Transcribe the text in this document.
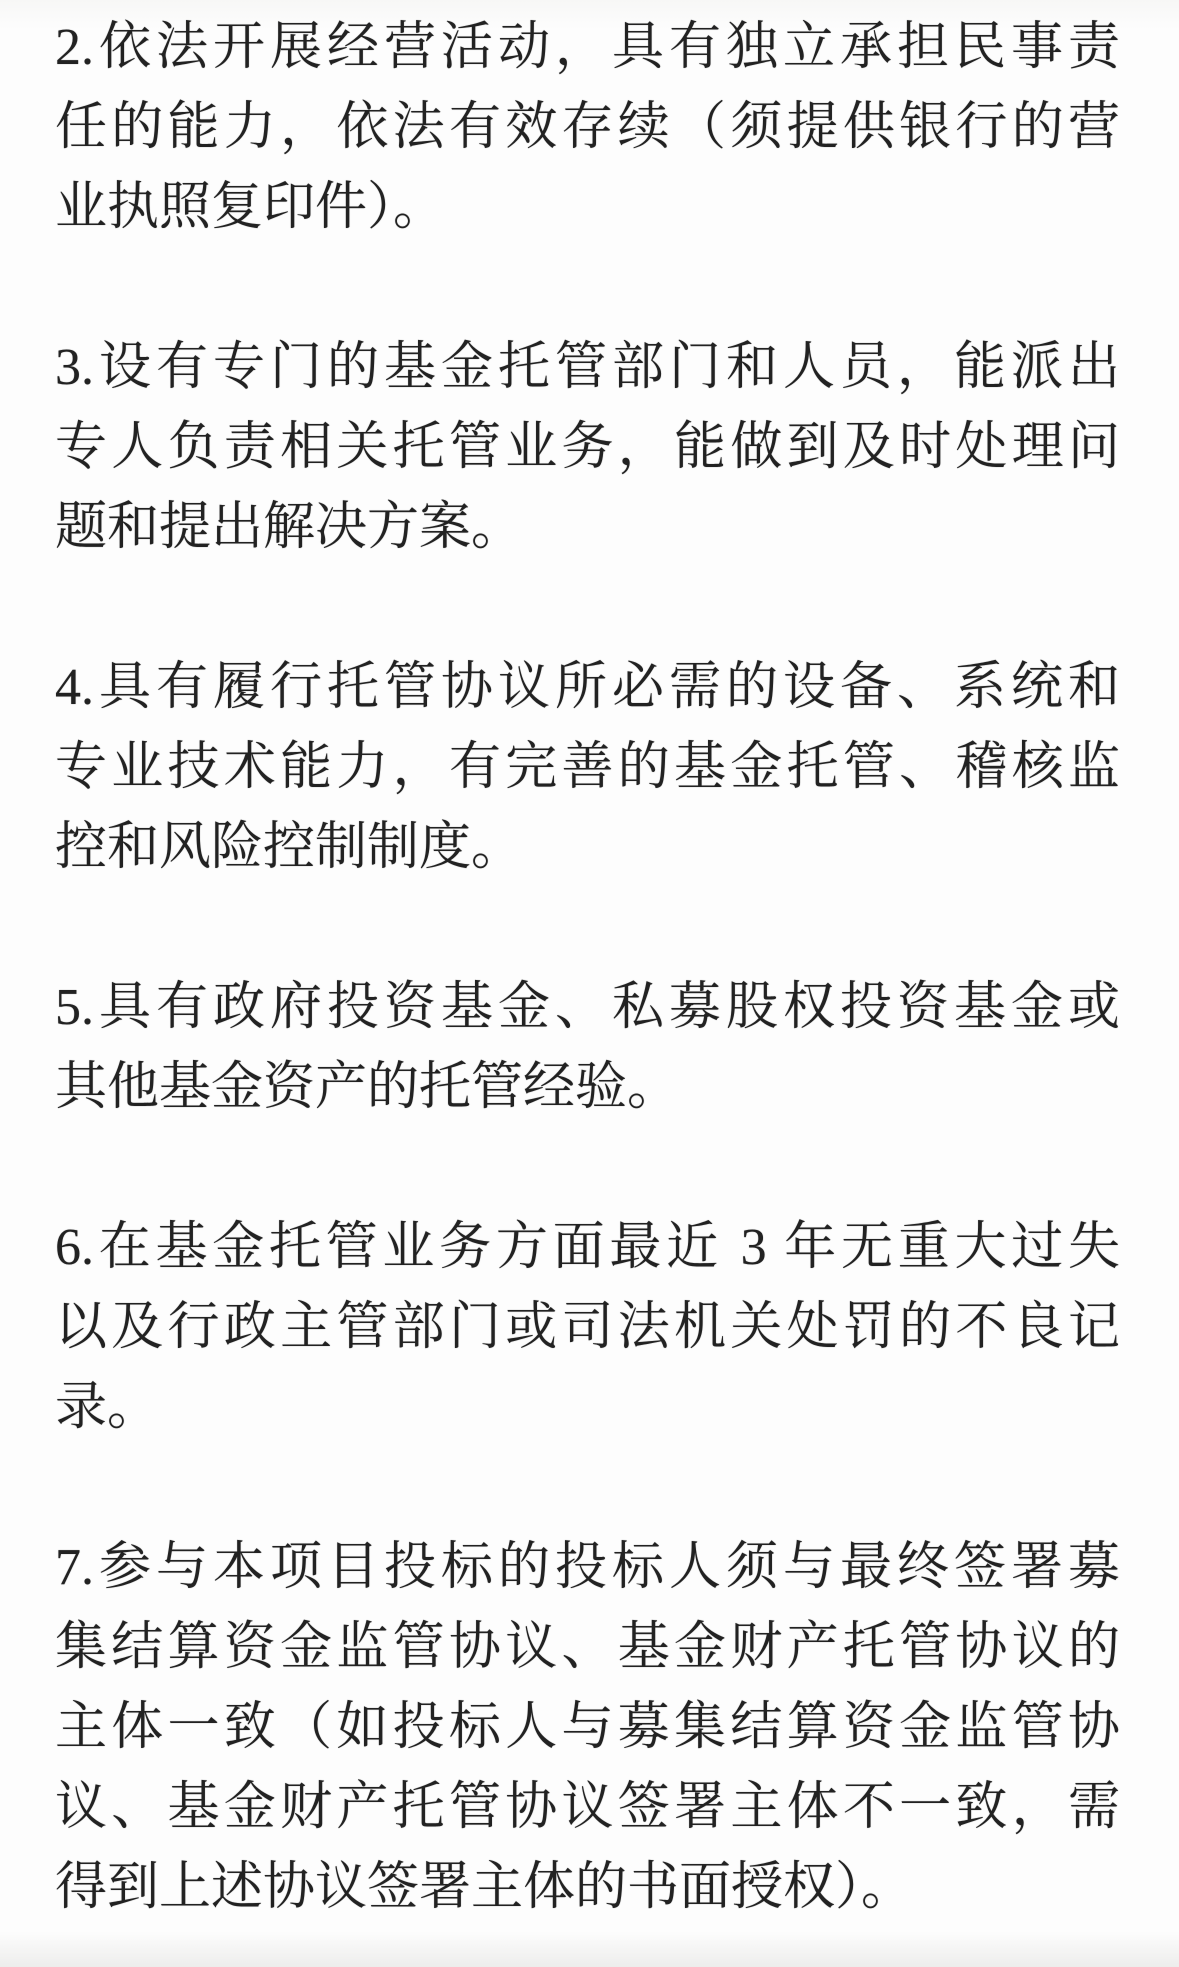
2.依法开展经营活动，具有独立承担民事责

任的能力，依法有效存续（须提供银行的营

业执照复印件）。

3.设有专门的基金托管部门和人员，能派出

专人负责相关托管业务，能做到及时处理问

题和提出解决方案。

4.具有履行托管协议所必需的设备、系统和

专业技术能力，有完善的基金托管、稽核监

控和风险控制制度。

5.具有政府投资基金、私募股权投资基金或

其他基金资产的托管经验。

6.在基金托管业务方面最近 3 年无重大过失

以及行政主管部门或司法机关处罚的不良记

录。

7.参与本项目投标的投标人须与最终签署募

集结算资金监管协议、基金财产托管协议的

主体一致（如投标人与募集结算资金监管协

议、基金财产托管协议签署主体不一致，需

得到上述协议签署主体的书面授权）。
